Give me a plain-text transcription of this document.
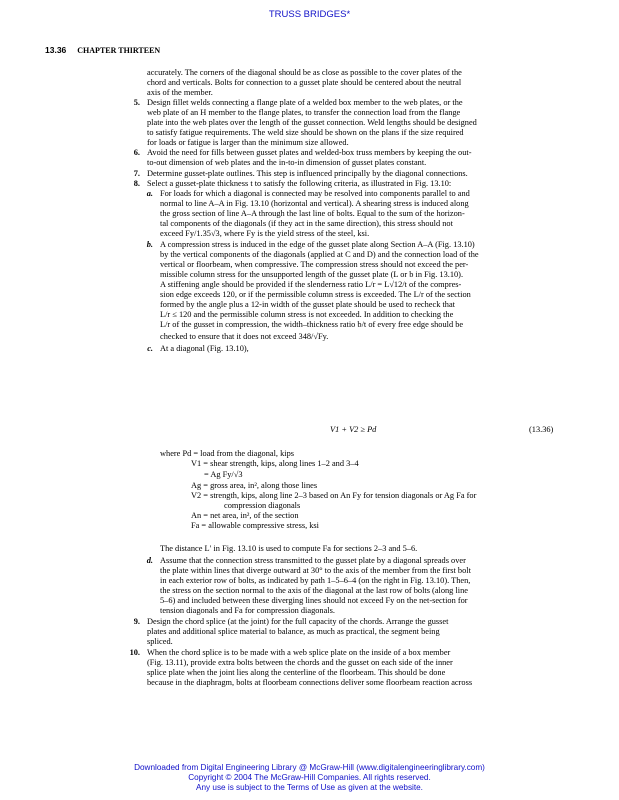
TRUSS BRIDGES*
13.36 CHAPTER THIRTEEN
accurately. The corners of the diagonal should be as close as possible to the cover plates of the
chord and verticals. Bolts for connection to a gusset plate should be centered about the neutral
axis of the member.
5. Design fillet welds connecting a flange plate of a welded box member to the web plates, or the
web plate of an H member to the flange plates, to transfer the connection load from the flange
plate into the web plates over the length of the gusset connection. Weld lengths should be designed
to satisfy fatigue requirements. The weld size should be shown on the plans if the size required
for loads or fatigue is larger than the minimum size allowed.
6. Avoid the need for fills between gusset plates and welded-box truss members by keeping the out-
to-out dimension of web plates and the in-to-in dimension of gusset plates constant.
7. Determine gusset-plate outlines. This step is influenced principally by the diagonal connections.
8. Select a gusset-plate thickness t to satisfy the following criteria, as illustrated in Fig. 13.10:
a. For loads for which a diagonal is connected may be resolved into components parallel to and
normal to line A–A in Fig. 13.10 (horizontal and vertical). A shearing stress is induced along
the gross section of line A–A through the last line of bolts. Equal to the sum of the horizon-
tal components of the diagonals (if they act in the same direction), this stress should not
exceed Fy/1.35√3, where Fy is the yield stress of the steel, ksi.
b. A compression stress is induced in the edge of the gusset plate along Section A–A (Fig. 13.10)
by the vertical components of the diagonals (applied at C and D) and the connection load of the
vertical or floorbeam, when compressive. The compression stress should not exceed the per-
missible column stress for the unsupported length of the gusset plate (L or b in Fig. 13.10).
A stiffening angle should be provided if the slenderness ratio L/r = L√12/t of the compres-
sion edge exceeds 120, or if the permissible column stress is exceeded. The L/r of the section
formed by the angle plus a 12-in width of the gusset plate should be used to recheck that
L/r ≤ 120 and the permissible column stress is not exceeded. In addition to checking the
L/r of the gusset in compression, the width–thickness ratio b/t of every free edge should be
checked to ensure that it does not exceed 348/√Fy.
c. At a diagonal (Fig. 13.10),
V1 + V2 ≥ Pd	(13.36)
where Pd = load from the diagonal, kips
V1 = shear strength, kips, along lines 1–2 and 3–4
= Ag Fy/√3
Ag = gross area, in², along those lines
V2 = strength, kips, along line 2–3 based on An Fy for tension diagonals or Ag Fa for
compression diagonals
An = net area, in², of the section
Fa = allowable compressive stress, ksi
The distance L′ in Fig. 13.10 is used to compute Fa for sections 2–3 and 5–6.
d. Assume that the connection stress transmitted to the gusset plate by a diagonal spreads over
the plate within lines that diverge outward at 30° to the axis of the member from the first bolt
in each exterior row of bolts, as indicated by path 1–5–6–4 (on the right in Fig. 13.10). Then,
the stress on the section normal to the axis of the diagonal at the last row of bolts (along line
5–6) and included between these diverging lines should not exceed Fy on the net-section for
tension diagonals and Fa for compression diagonals.
9. Design the chord splice (at the joint) for the full capacity of the chords. Arrange the gusset
plates and additional splice material to balance, as much as practical, the segment being
spliced.
10. When the chord splice is to be made with a web splice plate on the inside of a box member
(Fig. 13.11), provide extra bolts between the chords and the gusset on each side of the inner
splice plate when the joint lies along the centerline of the floorbeam. This should be done
because in the diaphragm, bolts at floorbeam connections deliver some floorbeam reaction across
Downloaded from Digital Engineering Library @ McGraw-Hill (www.digitalengineeringlibrary.com)
Copyright © 2004 The McGraw-Hill Companies. All rights reserved.
Any use is subject to the Terms of Use as given at the website.
